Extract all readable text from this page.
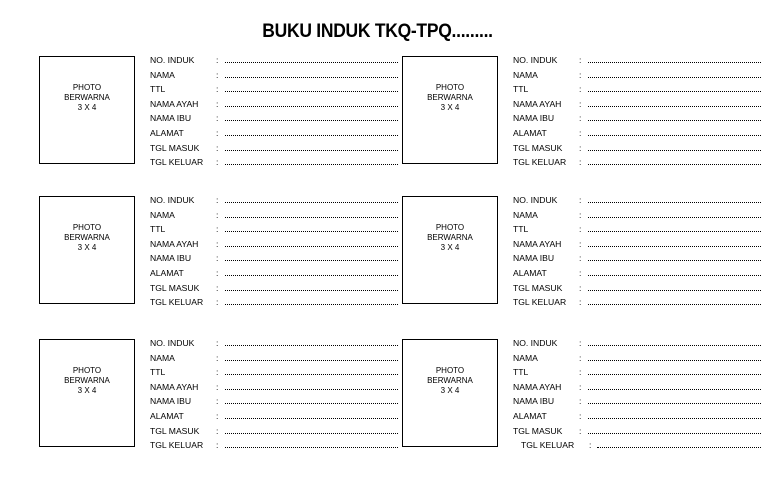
BUKU INDUK TKQ-TPQ.........
PHOTO
BERWARNA
3 X 4
NO. INDUK	:
NAMA	:
TTL	:
NAMA AYAH :
NAMA IBU	:
ALAMAT	:
TGL MASUK :
TGL KELUAR :
PHOTO
BERWARNA
3 X 4
NO. INDUK	:
NAMA	:
TTL	:
NAMA AYAH :
NAMA IBU	:
ALAMAT	:
TGL MASUK :
TGL KELUAR :
PHOTO
BERWARNA
3 X 4
NO. INDUK	:
NAMA	:
TTL	:
NAMA AYAH :
NAMA IBU	:
ALAMAT	:
TGL MASUK :
TGL KELUAR :
PHOTO
BERWARNA
3 X 4
NO. INDUK	:
NAMA	:
TTL	:
NAMA AYAH :
NAMA IBU	:
ALAMAT	:
TGL MASUK :
TGL KELUAR :
PHOTO
BERWARNA
3 X 4
NO. INDUK	:
NAMA	:
TTL	:
NAMA AYAH :
NAMA IBU	:
ALAMAT	:
TGL MASUK :
TGL KELUAR :
PHOTO
BERWARNA
3 X 4
NO. INDUK	:
NAMA	:
TTL	:
NAMA AYAH :
NAMA IBU	:
ALAMAT	:
TGL MASUK :
TGL KELUAR :
